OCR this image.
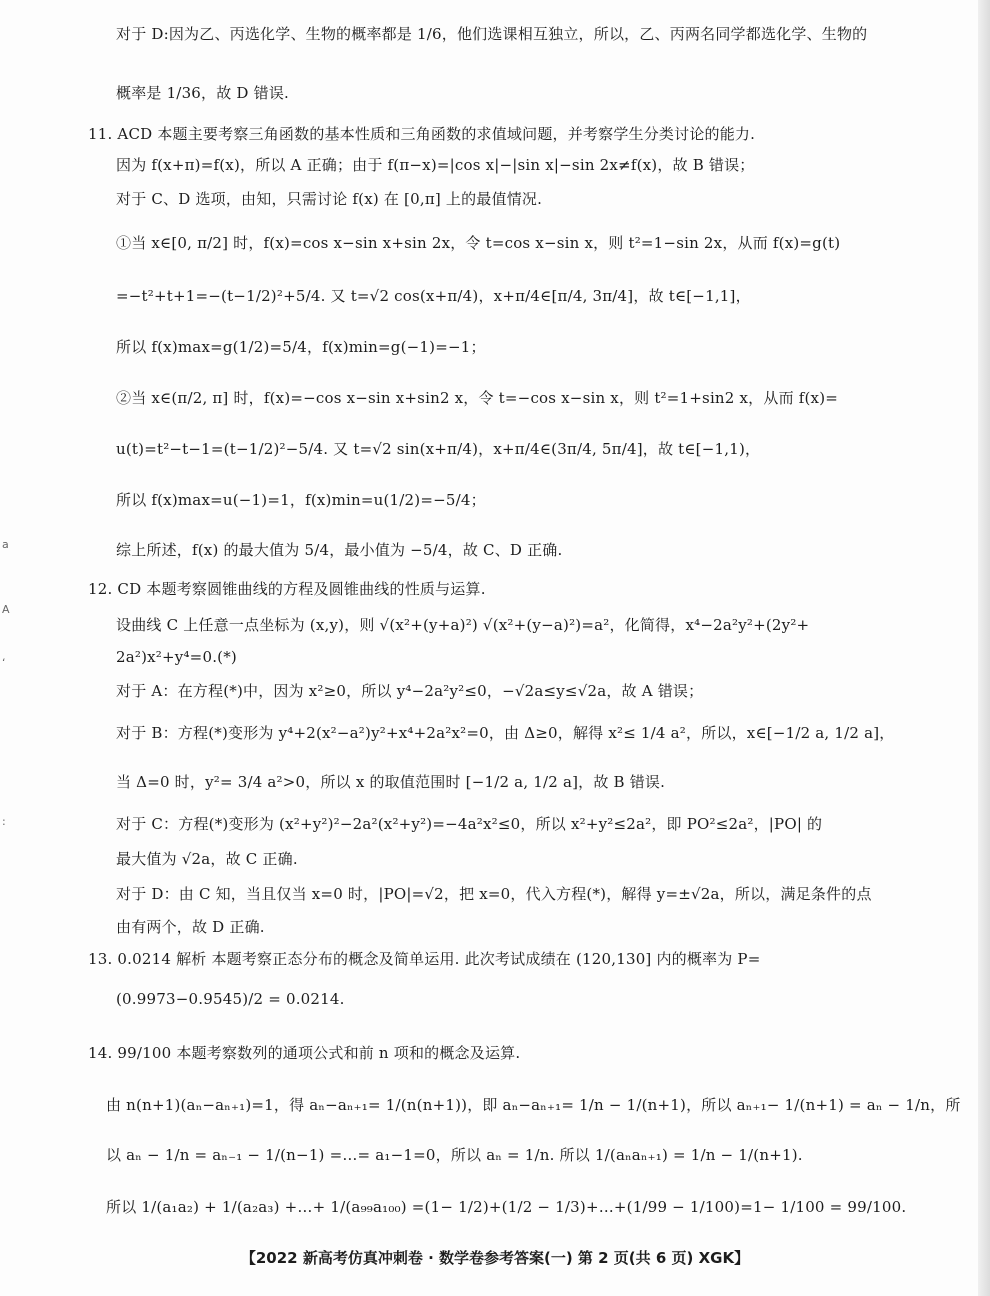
对于 D:因为乙、丙选化学、生物的概率都是 1/6，他们选课相互独立，所以，乙、丙两名同学都选化学、生物的
概率是 1/36，故 D 错误.
11. ACD 本题主要考察三角函数的基本性质和三角函数的求值域问题，并考察学生分类讨论的能力.
因为 f(x+π)=f(x)，所以 A 正确；由于 f(π−x)=|cos x|−|sin x|−sin 2x≠f(x)，故 B 错误；
对于 C、D 选项，由知，只需讨论 f(x) 在 [0,π] 上的最值情况.
①当 x∈[0, π/2] 时，f(x)=cos x−sin x+sin 2x，令 t=cos x−sin x，则 t²=1−sin 2x，从而 f(x)=g(t)
=−t²+t+1=−(t−1/2)²+5/4. 又 t=√2 cos(x+π/4)，x+π/4∈[π/4, 3π/4]，故 t∈[−1,1]，
所以 f(x)max=g(1/2)=5/4，f(x)min=g(−1)=−1；
②当 x∈(π/2, π] 时，f(x)=−cos x−sin x+sin2 x，令 t=−cos x−sin x，则 t²=1+sin2 x，从而 f(x)=
u(t)=t²−t−1=(t−1/2)²−5/4. 又 t=√2 sin(x+π/4)，x+π/4∈(3π/4, 5π/4]，故 t∈[−1,1)，
所以 f(x)max=u(−1)=1，f(x)min=u(1/2)=−5/4；
综上所述，f(x) 的最大值为 5/4，最小值为 −5/4，故 C、D 正确.
12. CD 本题考察圆锥曲线的方程及圆锥曲线的性质与运算.
设曲线 C 上任意一点坐标为 (x,y)，则 √(x²+(y+a)²) √(x²+(y−a)²)=a²，化简得，x⁴−2a²y²+(2y²+
2a²)x²+y⁴=0.(*)
对于 A：在方程(*)中，因为 x²≥0，所以 y⁴−2a²y²≤0，−√2a≤y≤√2a，故 A 错误；
对于 B：方程(*)变形为 y⁴+2(x²−a²)y²+x⁴+2a²x²=0，由 Δ≥0，解得 x²≤ 1/4 a²，所以，x∈[−1/2 a, 1/2 a]，
当 Δ=0 时，y²= 3/4 a²>0，所以 x 的取值范围时 [−1/2 a, 1/2 a]，故 B 错误.
对于 C：方程(*)变形为 (x²+y²)²−2a²(x²+y²)=−4a²x²≤0，所以 x²+y²≤2a²，即 PO²≤2a²，|PO| 的
最大值为 √2a，故 C 正确.
对于 D：由 C 知，当且仅当 x=0 时，|PO|=√2，把 x=0，代入方程(*)，解得 y=±√2a，所以，满足条件的点
由有两个，故 D 正确.
13. 0.0214 解析 本题考察正态分布的概念及简单运用. 此次考试成绩在 (120,130] 内的概率为 P=
(0.9973−0.9545)/2 = 0.0214.
14. 99/100 本题考察数列的通项公式和前 n 项和的概念及运算.
由 n(n+1)(aₙ−aₙ₊₁)=1，得 aₙ−aₙ₊₁= 1/(n(n+1))，即 aₙ−aₙ₊₁= 1/n − 1/(n+1)，所以 aₙ₊₁− 1/(n+1) = aₙ − 1/n，所
以 aₙ − 1/n = aₙ₋₁ − 1/(n−1) =…= a₁−1=0，所以 aₙ = 1/n. 所以 1/(aₙaₙ₊₁) = 1/n − 1/(n+1).
所以 1/(a₁a₂) + 1/(a₂a₃) +…+ 1/(a₉₉a₁₀₀) =(1− 1/2)+(1/2 − 1/3)+…+(1/99 − 1/100)=1− 1/100 = 99/100.
【2022 新高考仿真冲刺卷 · 数学卷参考答案(一) 第 2 页(共 6 页) XGK】
a
A
ʻ
:
